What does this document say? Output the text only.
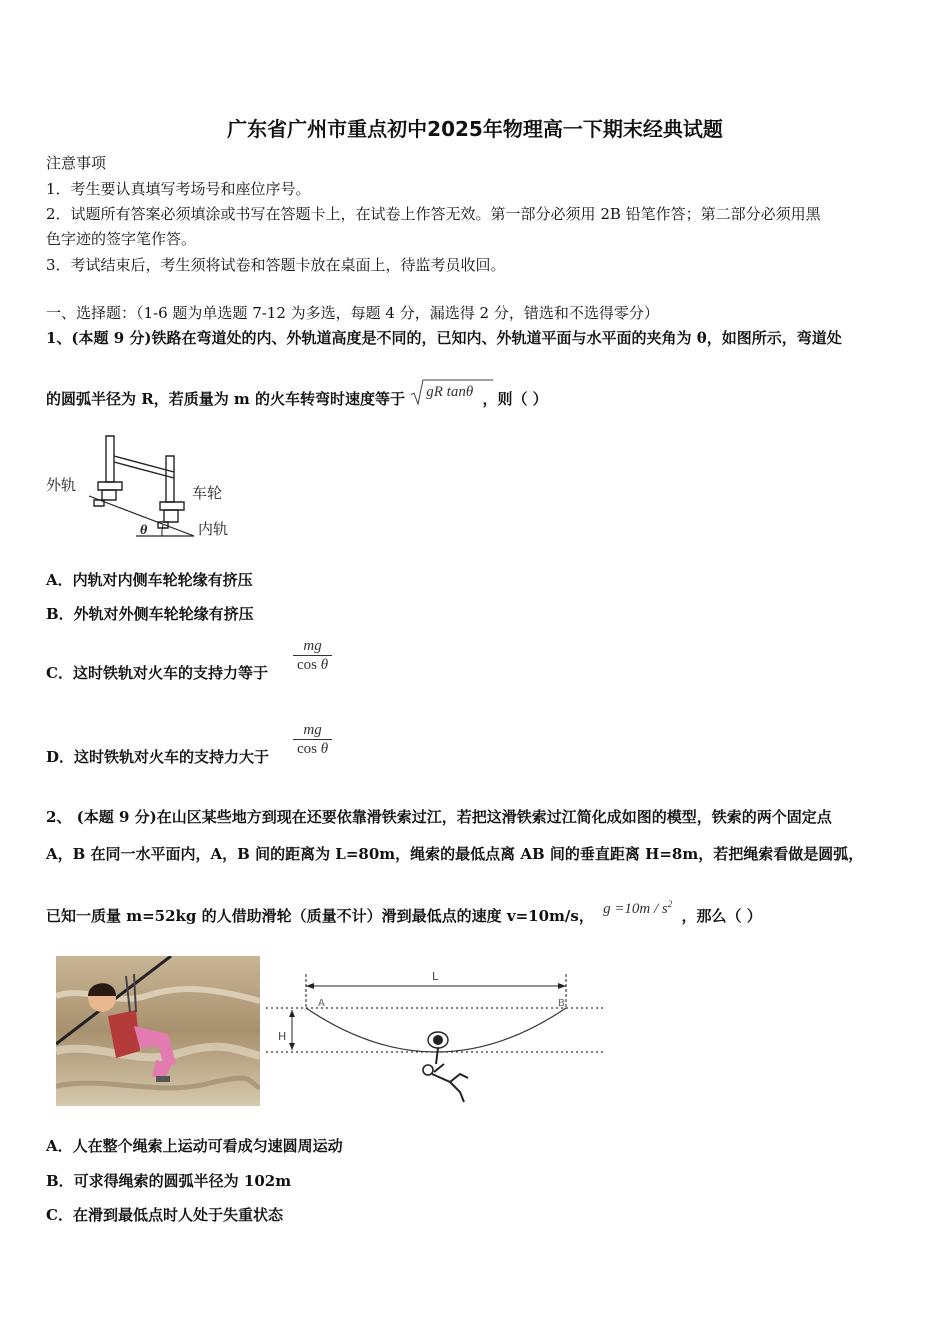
广东省广州市重点初中2025年物理高一下期末经典试题
注意事项
1．考生要认真填写考场号和座位序号。
2．试题所有答案必须填涂或书写在答题卡上，在试卷上作答无效。第一部分必须用 2B 铅笔作答；第二部分必须用黑
色字迹的签字笔作答。
3．考试结束后，考生须将试卷和答题卡放在桌面上，待监考员收回。
一、选择题：（1-6 题为单选题 7-12 为多选，每题 4 分，漏选得 2 分，错选和不选得零分）
1、(本题 9 分)铁路在弯道处的内、外轨道高度是不同的，已知内、外轨道平面与水平面的夹角为 θ，如图所示，弯道处
的圆弧半径为 R，若质量为 m 的火车转弯时速度等于 gR tanθ ，则（ ）
外轨	车轮
内轨
θ
A．内轨对内侧车轮轮缘有挤压
B．外轨对外侧车轮轮缘有挤压
C．这时铁轨对火车的支持力等于 $\frac{mg}{\text{cos θ}}$
D．这时铁轨对火车的支持力大于 $\frac{mg}{\text{cos θ}}$
2、 (本题 9 分)在山区某些地方到现在还要依靠滑铁索过江，若把这滑铁索过江简化成如图的模型，铁索的两个固定点
A，B 在同一水平面内，A，B 间的距离为 L=80m，绳索的最低点离 AB 间的垂直距离 H=8m，若把绳索看做是圆弧，
已知一质量 m=52kg 的人借助滑轮（质量不计）滑到最低点的速度 v=10m/s， $g =10m / s^2$ ，那么（ ）
L
A	B
H
A．人在整个绳索上运动可看成匀速圆周运动
B．可求得绳索的圆弧半径为 102m
C．在滑到最低点时人处于失重状态
